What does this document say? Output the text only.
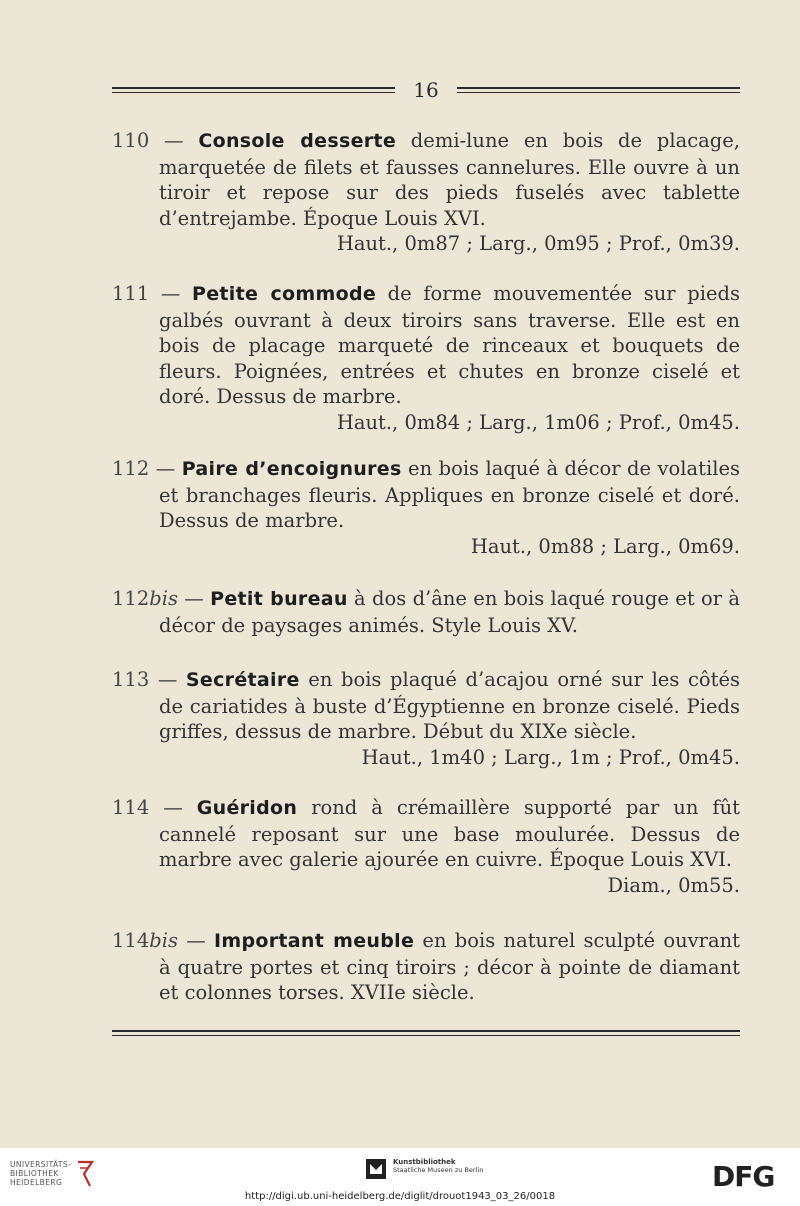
16

110 — Console desserte demi-lune en bois de placage, marquetée de filets et fausses cannelures. Elle ouvre à un tiroir et repose sur des pieds fuselés avec tablette d’entrejambe. Époque Louis XVI.

Haut., 0m87 ; Larg., 0m95 ; Prof., 0m39.

111 — Petite commode de forme mouvementée sur pieds galbés ouvrant à deux tiroirs sans traverse. Elle est en bois de placage marqueté de rinceaux et bouquets de fleurs. Poignées, entrées et chutes en bronze ciselé et doré. Dessus de marbre.

Haut., 0m84 ; Larg., 1m06 ; Prof., 0m45.

112 — Paire d’encoignures en bois laqué à décor de volatiles et branchages fleuris. Appliques en bronze ciselé et doré. Dessus de marbre.

Haut., 0m88 ; Larg., 0m69.

112bis — Petit bureau à dos d’âne en bois laqué rouge et or à décor de paysages animés. Style Louis XV.

113 — Secrétaire en bois plaqué d’acajou orné sur les côtés de cariatides à buste d’Égyptienne en bronze ciselé. Pieds griffes, dessus de marbre. Début du XIXe siècle.

Haut., 1m40 ; Larg., 1m ; Prof., 0m45.

114 — Guéridon rond à crémaillère supporté par un fût cannelé reposant sur une base moulurée. Dessus de marbre avec galerie ajourée en cuivre. Époque Louis XVI.

Diam., 0m55.

114bis — Important meuble en bois naturel sculpté ouvrant à quatre portes et cinq tiroirs ; décor à pointe de diamant et colonnes torses. XVIIe siècle.

UNIVERSITÄTS-
BIBLIOTHEK
HEIDELBERG
Kunstbibliothek
Staatliche Museen zu Berlin	DFG
http://digi.ub.uni-heidelberg.de/diglit/drouot1943_03_26/0018
